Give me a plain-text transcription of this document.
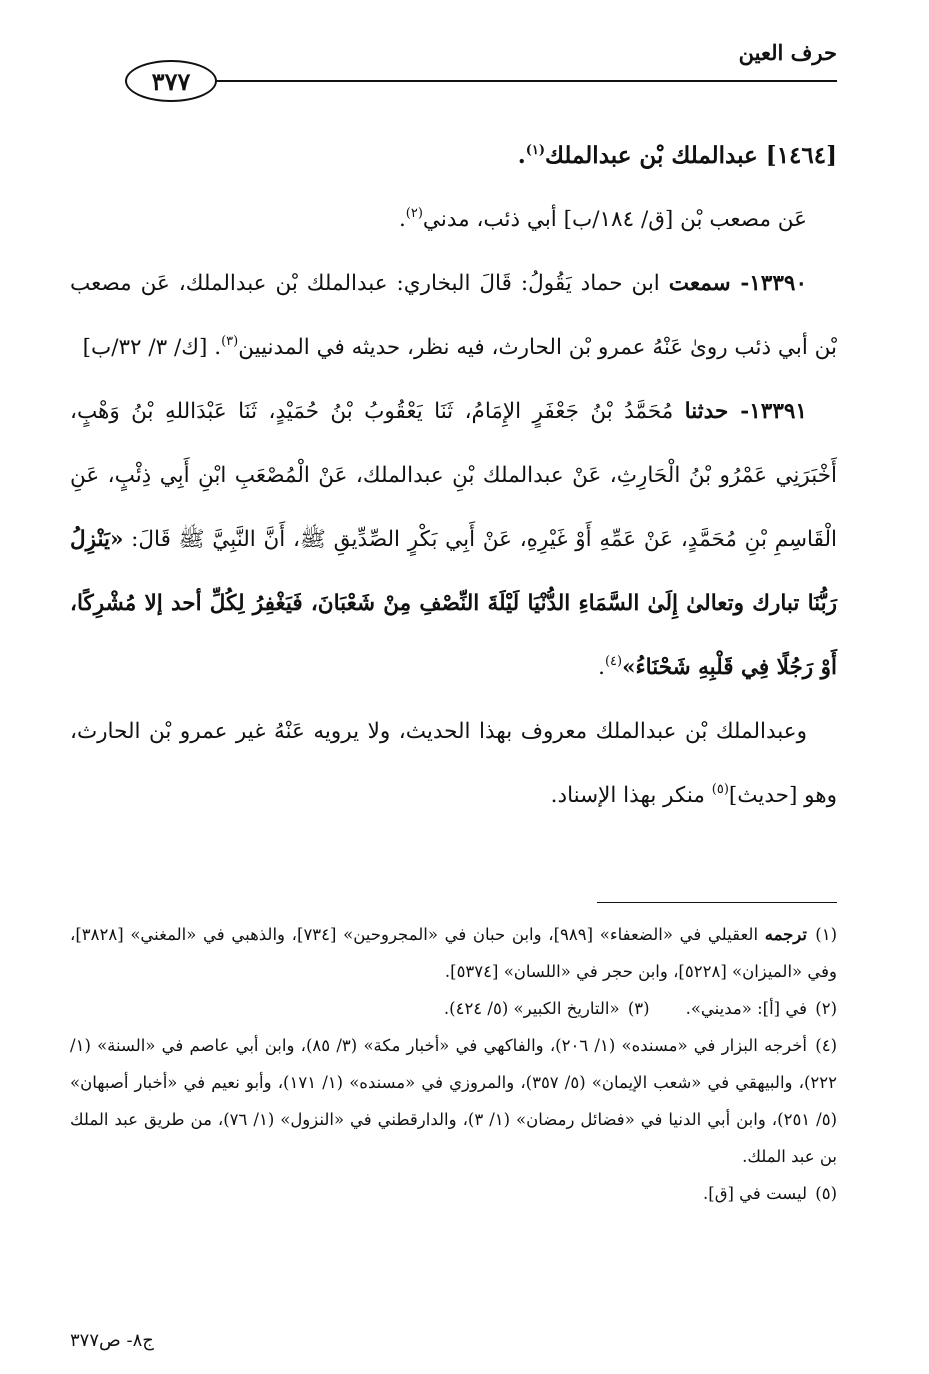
حرف العين
٣٧٧

[١٤٦٤] عبدالملك بْن عبدالملك$^{(١)}$.

عَن مصعب بْن [ق/ ١٨٤/ب] أبي ذئب، مدني$^{(٢)}$.

١٣٣٩٠- سمعت ابن حماد يَقُولُ: قَالَ البخاري: عبدالملك بْن عبدالملك، عَن مصعب بْن أبي ذئب رویٰ عَنْهُ عمرو بْن الحارث، فيه نظر، حديثه في المدنيين$^{(٣)}$. [ك/ ٣/ ٣٢/ب]

١٣٣٩١- حدثنا مُحَمَّدُ بْنُ جَعْفَرٍ الإِمَامُ، ثَنَا يَعْقُوبُ بْنُ حُمَيْدٍ، ثَنَا عَبْدَاللهِ بْنُ وَهْبٍ، أَخْبَرَنِي عَمْرُو بْنُ الْحَارِثِ، عَنْ عبدالملك بْنِ عبدالملك، عَنْ الْمُصْعَبِ ابْنِ أَبِي ذِئْبٍ، عَنِ الْقَاسِمِ بْنِ مُحَمَّدٍ، عَنْ عَمِّهِ أَوْ غَيْرِهِ، عَنْ أَبِي بَكْرٍ الصِّدِّيقِ ﷺ، أَنَّ النَّبِيَّ ﷺ قَالَ: «يَنْزِلُ رَبُّنَا تبارك وتعالىٰ إِلَىٰ السَّمَاءِ الدُّنْيَا لَيْلَةَ النِّصْفِ مِنْ شَعْبَانَ، فَيَغْفِرُ لِكُلِّ أحد إلا مُشْرِكًا، أَوْ رَجُلًا فِي قَلْبِهِ شَحْنَاءُ»$^{(٤)}$.

وعبدالملك بْن عبدالملك معروف بهذا الحديث، ولا يرويه عَنْهُ غير عمرو بْن الحارث، وهو [حديث]$^{(٥)}$ منكر بهذا الإسناد.

(١)ترجمه العقيلي في «الضعفاء» [٩٨٩]، وابن حبان في «المجروحين» [٧٣٤]، والذهبي في «المغني» [٣٨٢٨]، وفي «الميزان» [٥٢٢٨]، وابن حجر في «اللسان» [٥٣٧٤].

(٢)في [أ]: «مديني».

(٣)«التاريخ الكبير» (٥/ ٤٢٤).

(٤)أخرجه البزار في «مسنده» (١/ ٢٠٦)، والفاكهي في «أخبار مكة» (٣/ ٨٥)، وابن أبي عاصم في «السنة» (١/ ٢٢٢)، والبيهقي في «شعب الإيمان» (٥/ ٣٥٧)، والمروزي في «مسنده» (١/ ١٧١)، وأبو نعيم في «أخبار أصبهان» (٥/ ٢٥١)، وابن أبي الدنيا في «فضائل رمضان» (١/ ٣)، والدارقطني في «النزول» (١/ ٧٦)، من طريق عبد الملك بن عبد الملك.

(٥)ليست في [ق].

ج٨- ص٣٧٧
